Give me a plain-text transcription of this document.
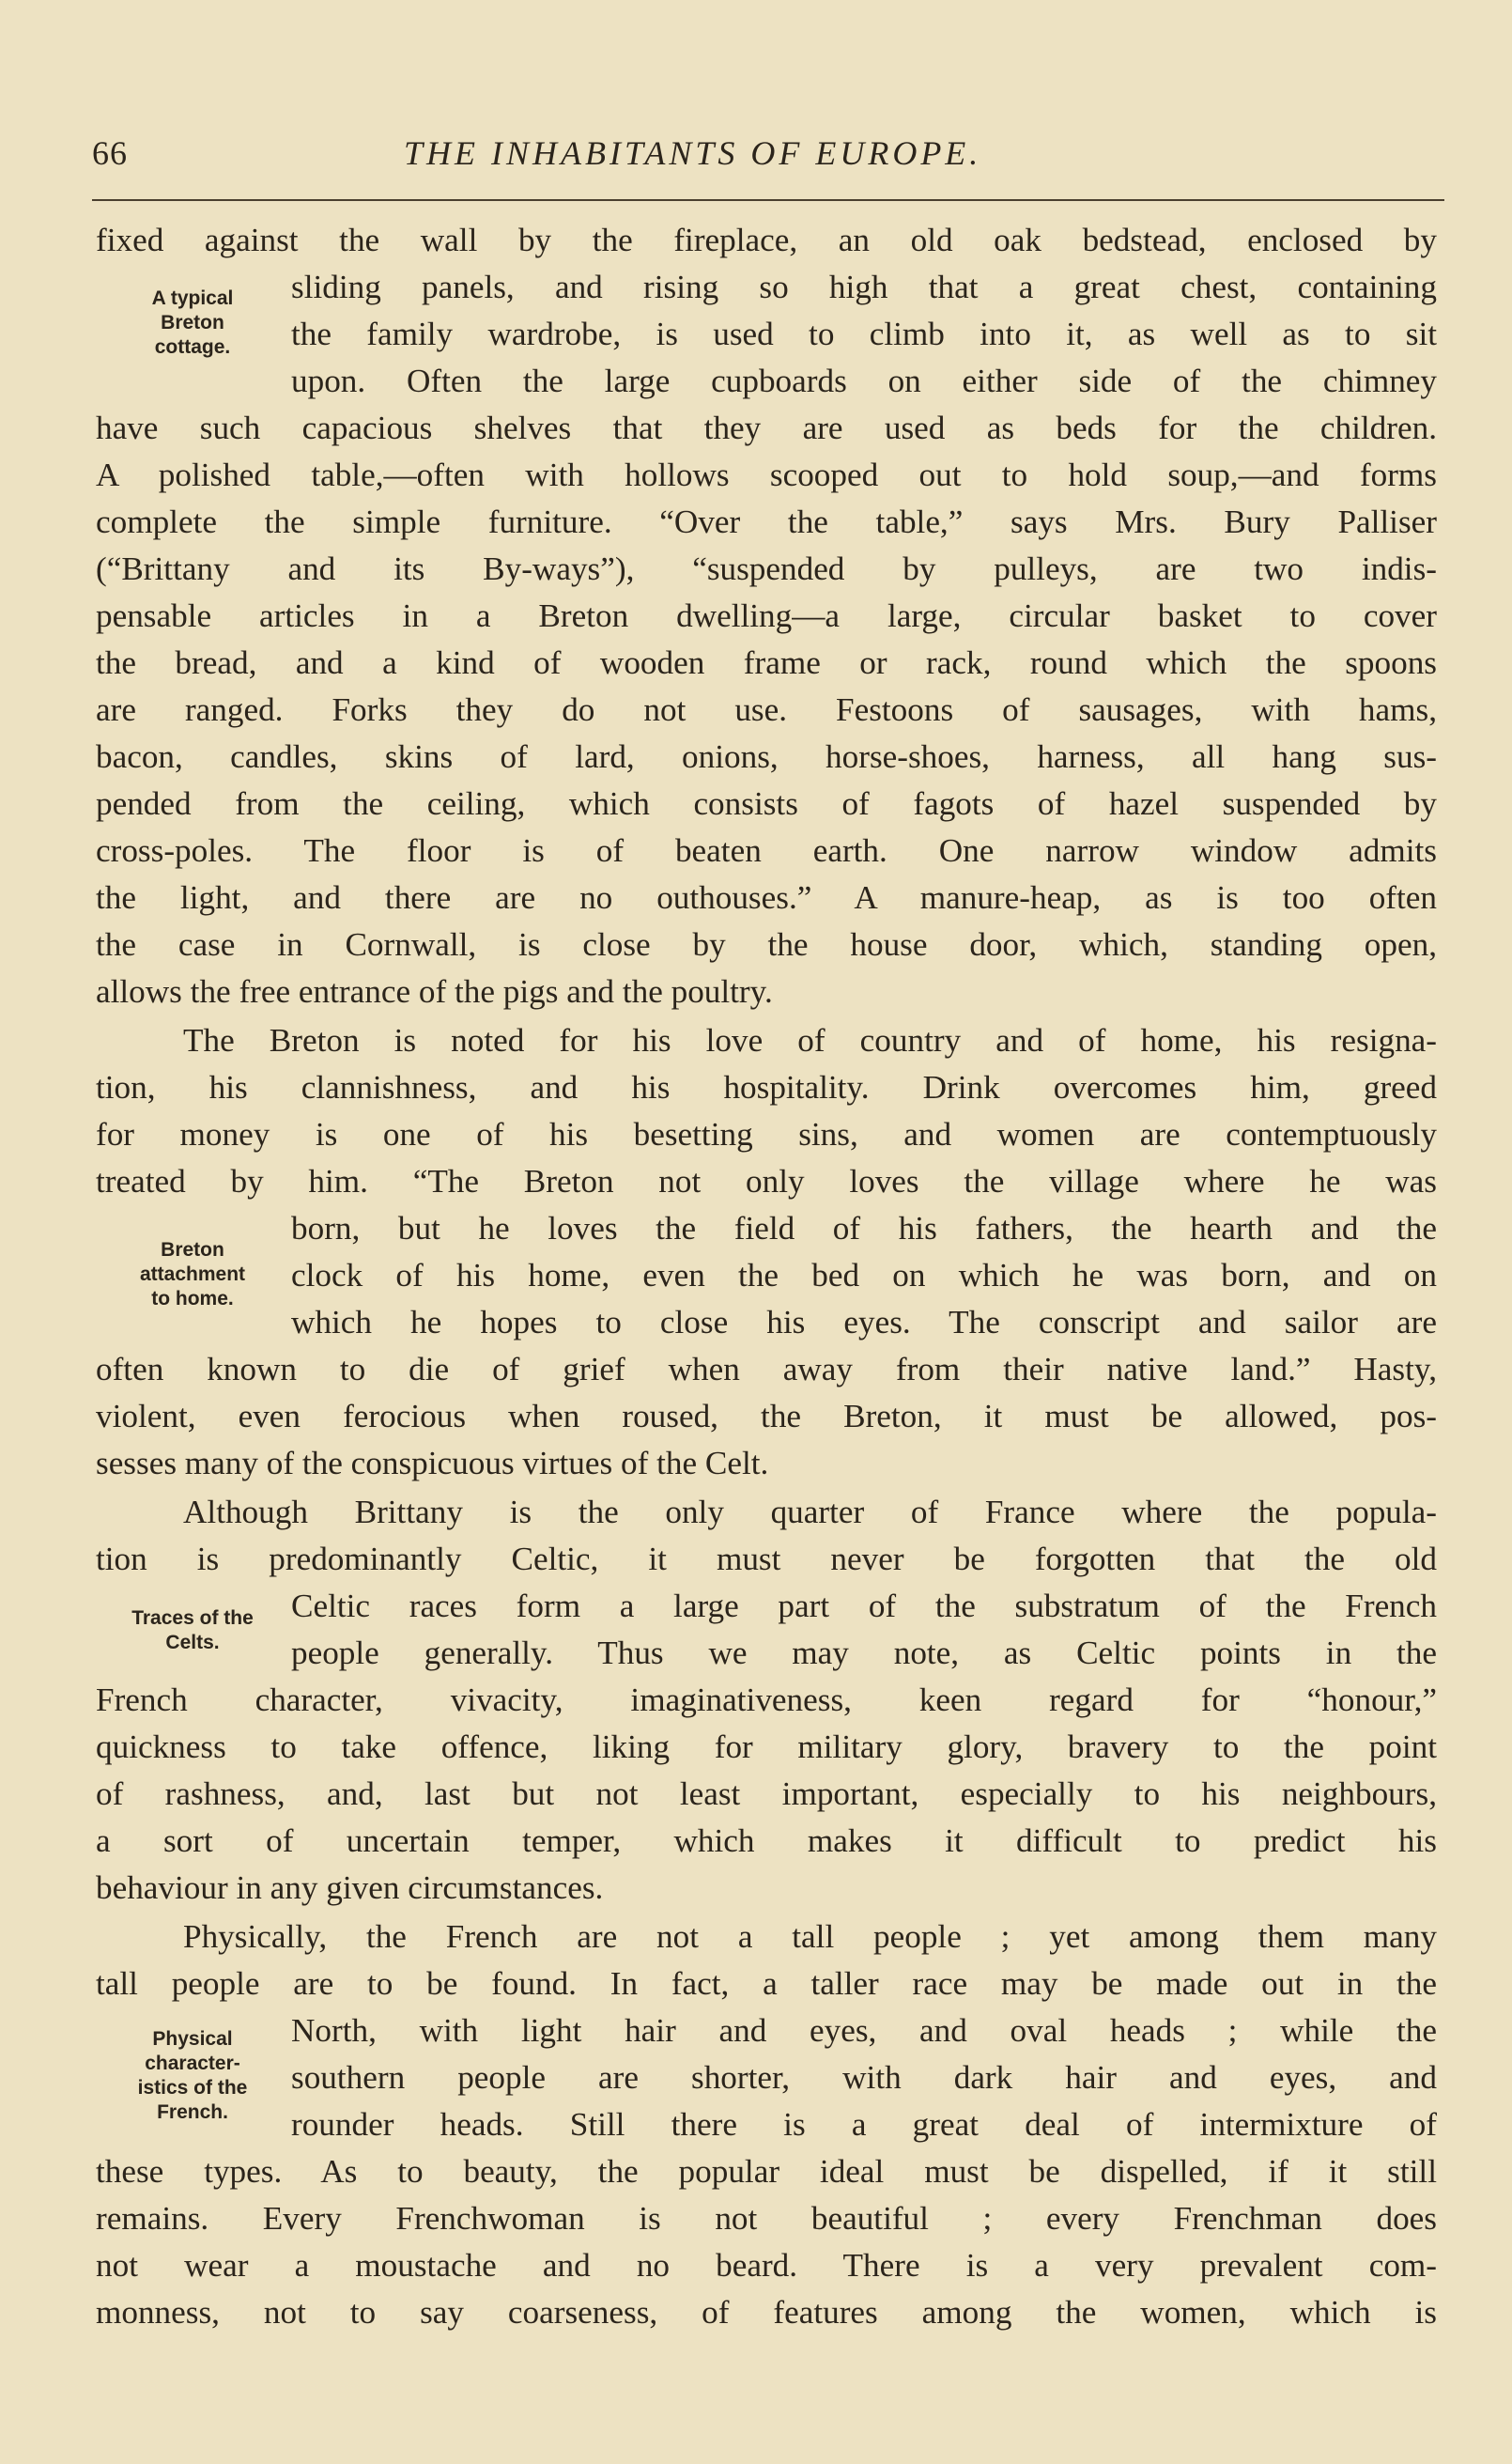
66	THE INHABITANTS OF EUROPE.
A typical
Breton
cottage.
Breton
attachment
to home.
Traces of the
Celts.
Physical
character-
istics of the
French.
fixed against the wall by the fireplace, an old oak bedstead, enclosed by
sliding panels, and rising so high that a great chest, containing
the family wardrobe, is used to climb into it, as well as to sit
upon. Often the large cupboards on either side of the chimney
have such capacious shelves that they are used as beds for the children.
A polished table,—often with hollows scooped out to hold soup,—and forms
complete the simple furniture. “Over the table,” says Mrs. Bury Palliser
(“Brittany and its By-ways”), “suspended by pulleys, are two indis-
pensable articles in a Breton dwelling—a large, circular basket to cover
the bread, and a kind of wooden frame or rack, round which the spoons
are ranged. Forks they do not use. Festoons of sausages, with hams,
bacon, candles, skins of lard, onions, horse-shoes, harness, all hang sus-
pended from the ceiling, which consists of fagots of hazel suspended by
cross-poles. The floor is of beaten earth. One narrow window admits
the light, and there are no outhouses.” A manure-heap, as is too often
the case in Cornwall, is close by the house door, which, standing open,
allows the free entrance of the pigs and the poultry.
The Breton is noted for his love of country and of home, his resigna-
tion, his clannishness, and his hospitality. Drink overcomes him, greed
for money is one of his besetting sins, and women are contemptuously
treated by him. “The Breton not only loves the village where he was
born, but he loves the field of his fathers, the hearth and the
clock of his home, even the bed on which he was born, and on
which he hopes to close his eyes. The conscript and sailor are
often known to die of grief when away from their native land.” Hasty,
violent, even ferocious when roused, the Breton, it must be allowed, pos-
sesses many of the conspicuous virtues of the Celt.
Although Brittany is the only quarter of France where the popula-
tion is predominantly Celtic, it must never be forgotten that the old
Celtic races form a large part of the substratum of the French
people generally. Thus we may note, as Celtic points in the
French character, vivacity, imaginativeness, keen regard for “honour,”
quickness to take offence, liking for military glory, bravery to the point
of rashness, and, last but not least important, especially to his neighbours,
a sort of uncertain temper, which makes it difficult to predict his
behaviour in any given circumstances.
Physically, the French are not a tall people ; yet among them many
tall people are to be found. In fact, a taller race may be made out in the
North, with light hair and eyes, and oval heads ; while the
southern people are shorter, with dark hair and eyes, and
rounder heads. Still there is a great deal of intermixture of
these types. As to beauty, the popular ideal must be dispelled, if it still
remains. Every Frenchwoman is not beautiful ; every Frenchman does
not wear a moustache and no beard. There is a very prevalent com-
monness, not to say coarseness, of features among the women, which is
